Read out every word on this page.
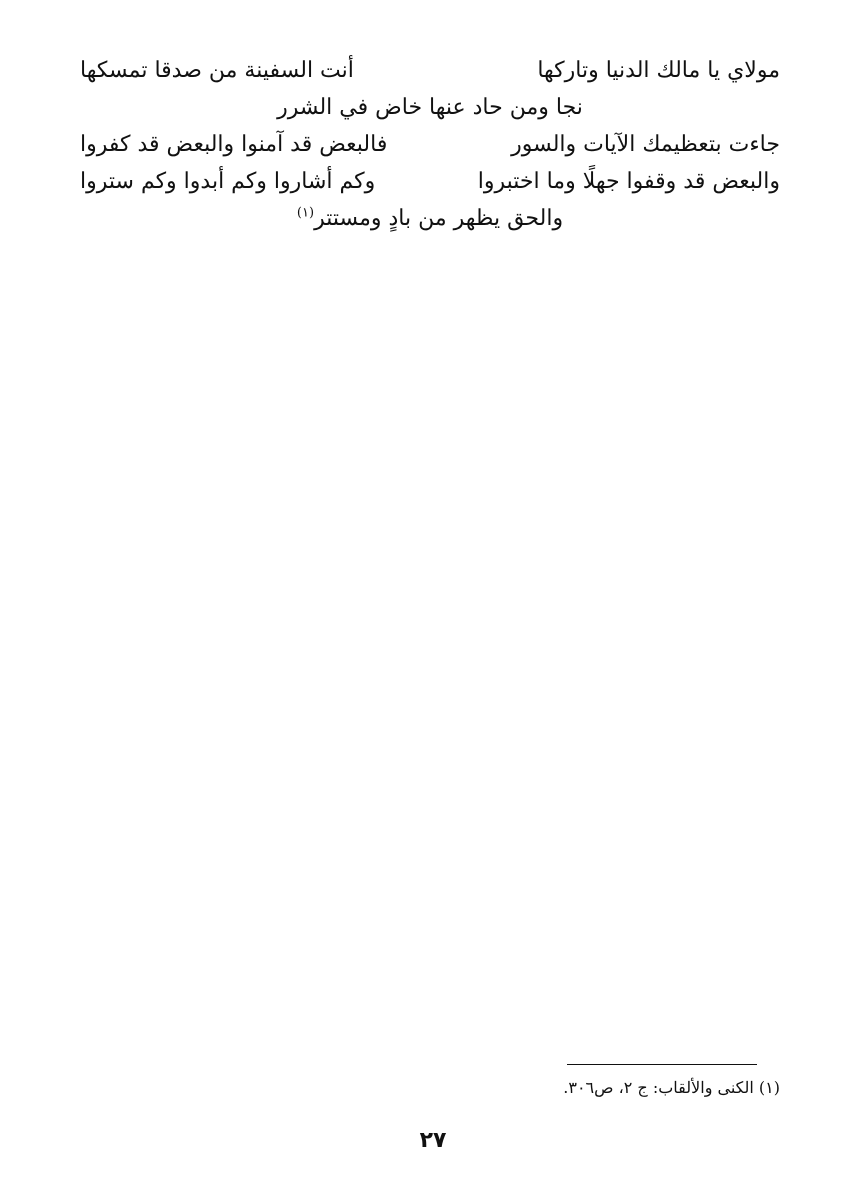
مولاي يا مالك الدنيا وتاركها
أنت السفينة من صدقا تمسكها
نجا ومن حاد عنها خاض في الشرر
جاءت بتعظيمك الآيات والسور
فالبعض قد آمنوا والبعض قد كفروا
والبعض قد وقفوا جهلًا وما اختبروا
وكم أشاروا وكم أبدوا وكم ستروا
والحق يظهر من بادٍ ومستتر$^{(١)}$
(١) الكنى والألقاب: ج ٢، ص٣٠٦.
٢٧
